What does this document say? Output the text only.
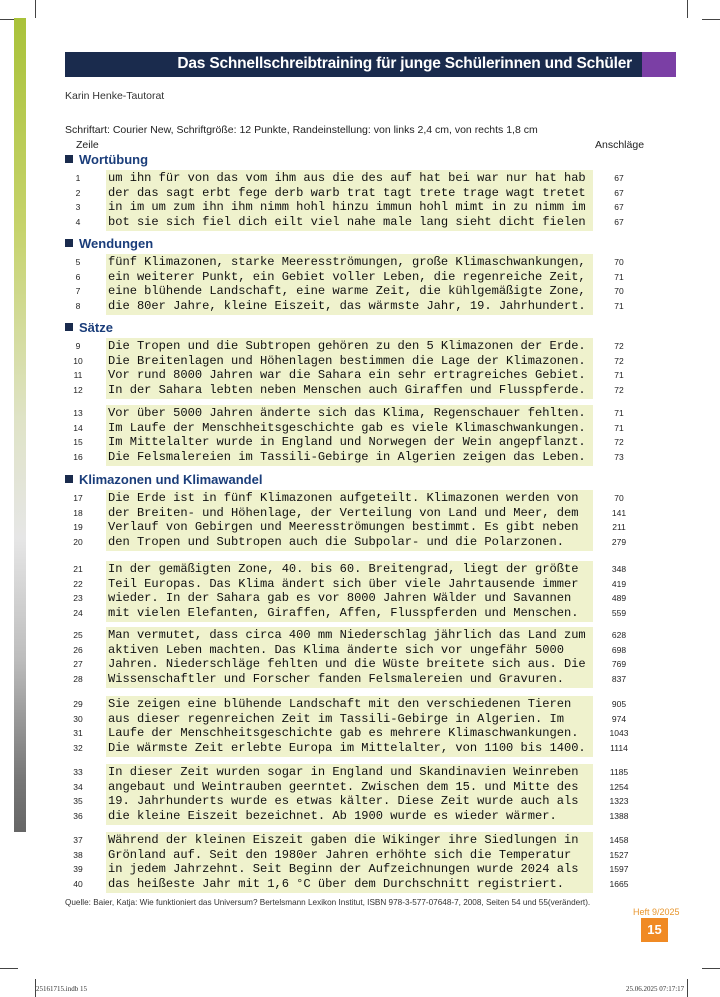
Das Schnellschreibtraining für junge Schülerinnen und Schüler
Karin Henke-Tautorat
Schriftart: Courier New, Schriftgröße: 12 Punkte, Randeinstellung: von links 2,4 cm, von rechts 1,8 cm
Zeile	Anschläge
Wortübung
1	um ihn für von das vom ihm aus die des auf hat bei war nur hat hab	67
2	der das sagt erbt fege derb warb trat tagt trete trage wagt tretet	67
3	in im um zum ihn ihm nimm hohl hinzu immun hohl mimt in zu nimm im	67
4	bot sie sich fiel dich eilt viel nahe male lang sieht dicht fielen	67
Wendungen
5	fünf Klimazonen, starke Meeresströmungen, große Klimaschwankungen,	70
6	ein weiterer Punkt, ein Gebiet voller Leben, die regenreiche Zeit,	71
7	eine blühende Landschaft, eine warme Zeit, die kühlgemäßigte Zone,	70
8	die 80er Jahre, kleine Eiszeit, das wärmste Jahr, 19. Jahrhundert.	71
Sätze
9	Die Tropen und die Subtropen gehören zu den 5 Klimazonen der Erde.	72
10	Die Breitenlagen und Höhenlagen bestimmen die Lage der Klimazonen.	72
11	Vor rund 8000 Jahren war die Sahara ein sehr ertragreiches Gebiet.	71
12	In der Sahara lebten neben Menschen auch Giraffen und Flusspferde.	72
13	Vor über 5000 Jahren änderte sich das Klima, Regenschauer fehlten.	71
14	Im Laufe der Menschheitsgeschichte gab es viele Klimaschwankungen.	71
15	Im Mittelalter wurde in England und Norwegen der Wein angepflanzt.	72
16	Die Felsmalereien im Tassili-Gebirge in Algerien zeigen das Leben.	73
Klimazonen und Klimawandel
17	Die Erde ist in fünf Klimazonen aufgeteilt. Klimazonen werden von	70
18	der Breiten- und Höhenlage, der Verteilung von Land und Meer, dem	141
19	Verlauf von Gebirgen und Meeresströmungen bestimmt. Es gibt neben	211
20	den Tropen und Subtropen auch die Subpolar- und die Polarzonen.	279
21	In der gemäßigten Zone, 40. bis 60. Breitengrad, liegt der größte	348
22	Teil Europas. Das Klima ändert sich über viele Jahrtausende immer	419
23	wieder. In der Sahara gab es vor 8000 Jahren Wälder und Savannen	489
24	mit vielen Elefanten, Giraffen, Affen, Flusspferden und Menschen.	559
25	Man vermutet, dass circa 400 mm Niederschlag jährlich das Land zum	628
26	aktiven Leben machten. Das Klima änderte sich vor ungefähr 5000	698
27	Jahren. Niederschläge fehlten und die Wüste breitete sich aus. Die	769
28	Wissenschaftler und Forscher fanden Felsmalereien und Gravuren.	837
29	Sie zeigen eine blühende Landschaft mit den verschiedenen Tieren	905
30	aus dieser regenreichen Zeit im Tassili-Gebirge in Algerien. Im	974
31	Laufe der Menschheitsgeschichte gab es mehrere Klimaschwankungen.	1043
32	Die wärmste Zeit erlebte Europa im Mittelalter, von 1100 bis 1400.	1114
33	In dieser Zeit wurden sogar in England und Skandinavien Weinreben	1185
34	angebaut und Weintrauben geerntet. Zwischen dem 15. und Mitte des	1254
35	19. Jahrhunderts wurde es etwas kälter. Diese Zeit wurde auch als	1323
36	die kleine Eiszeit bezeichnet. Ab 1900 wurde es wieder wärmer.	1388
37	Während der kleinen Eiszeit gaben die Wikinger ihre Siedlungen in	1458
38	Grönland auf. Seit den 1980er Jahren erhöhte sich die Temperatur	1527
39	in jedem Jahrzehnt. Seit Beginn der Aufzeichnungen wurde 2024 als	1597
40	das heißeste Jahr mit 1,6 °C über dem Durchschnitt registriert.	1665
Quelle: Baier, Katja: Wie funktioniert das Universum? Bertelsmann Lexikon Institut, ISBN 978-3-577-07648-7, 2008, Seiten 54 und 55(verändert).
Heft 9/2025
15
25161715.indb 15	25.06.2025 07:17:17
